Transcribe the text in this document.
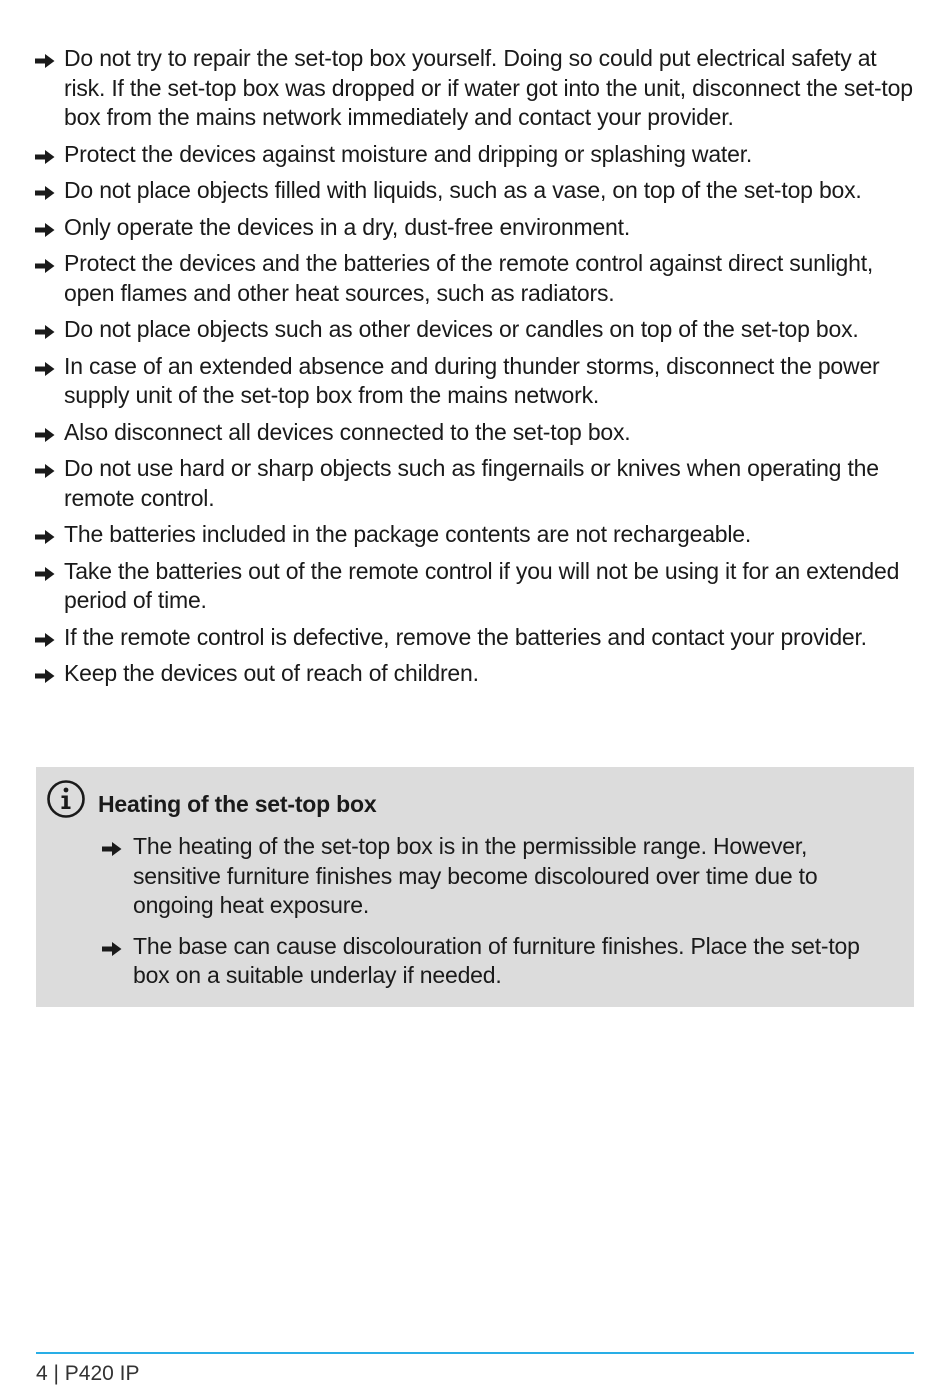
Do not try to repair the set-top box yourself. Doing so could put electrical safety at risk. If the set-top box was dropped or if water got into the unit, disconnect the set-top box from the mains network immediately and contact your provider.
Protect the devices against moisture and dripping or splashing water.
Do not place objects filled with liquids, such as a vase, on top of the set-top box.
Only operate the devices in a dry, dust-free environment.
Protect the devices and the batteries of the remote control against direct sunlight, open flames and other heat sources, such as radiators.
Do not place objects such as other devices or candles on top of the set-top box.
In case of an extended absence and during thunder storms, disconnect the power supply unit of the set-top box from the mains network.
Also disconnect all devices connected to the set-top box.
Do not use hard or sharp objects such as fingernails or knives when operating the remote control.
The batteries included in the package contents are not rechargeable.
Take the batteries out of the remote control if you will not be using it for an extended period of time.
If the remote control is defective, remove the batteries and contact your provider.
Keep the devices out of reach of children.
Heating of the set-top box
The heating of the set-top box is in the permissible range. However, sensitive furniture finishes may become discoloured over time due to ongoing heat exposure.
The base can cause discolouration of furniture finishes. Place the set-top box on a suitable underlay if needed.
4 | P420 IP
